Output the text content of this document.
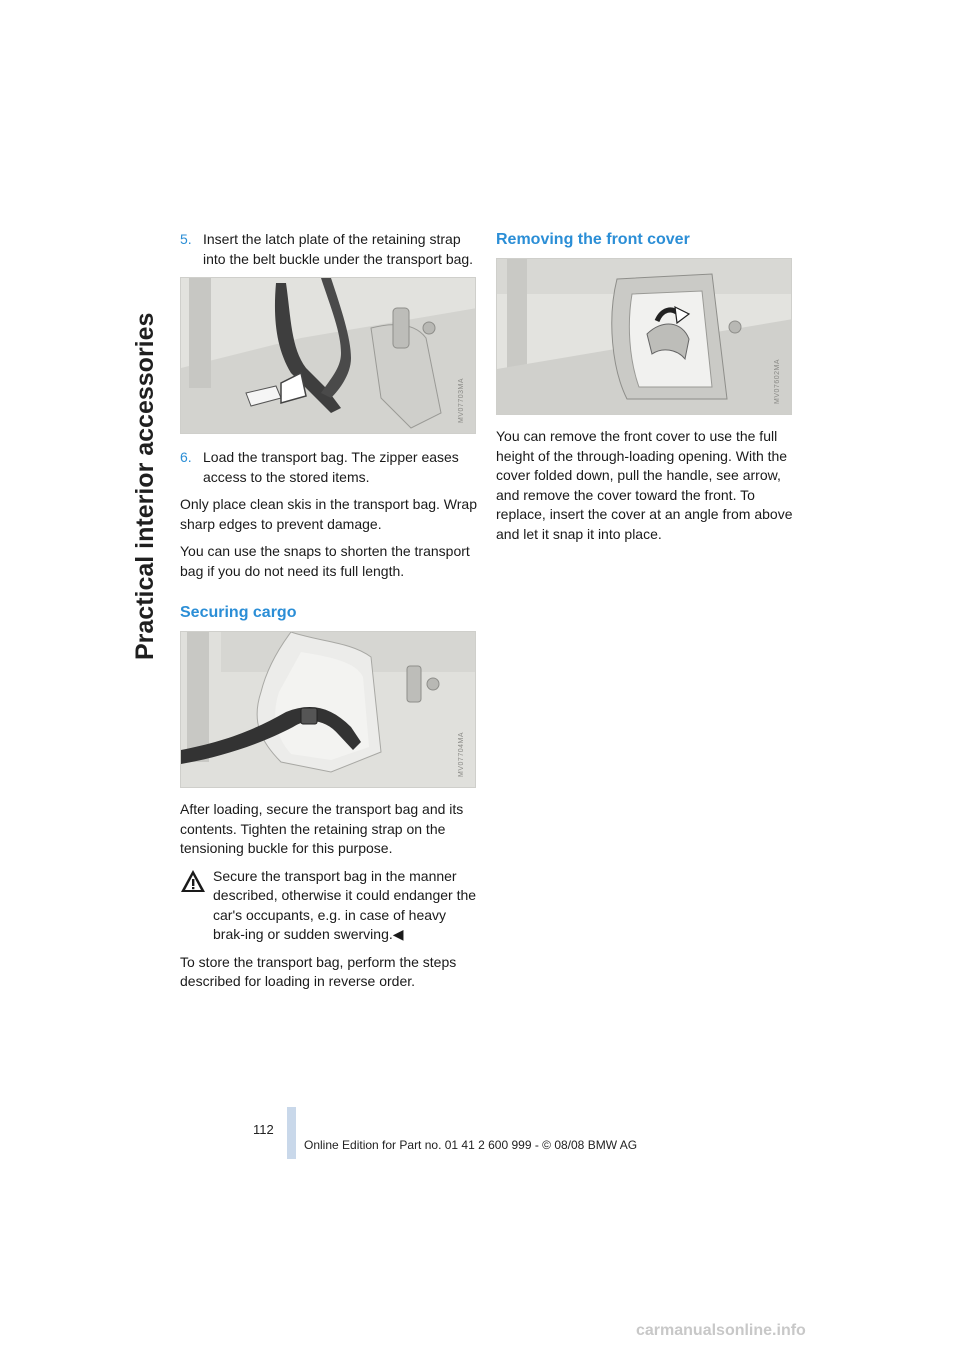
Practical interior accessories
5. Insert the latch plate of the retaining strap into the belt buckle under the transport bag.
MV07703MA
6. Load the transport bag. The zipper eases access to the stored items.

Only place clean skis in the transport bag. Wrap sharp edges to prevent damage.

You can use the snaps to shorten the transport bag if you do not need its full length.

Securing cargo
MV07704MA

After loading, secure the transport bag and its contents. Tighten the retaining strap on the tensioning buckle for this purpose.

Secure the transport bag in the manner described, otherwise it could endanger the car's occupants, e.g. in case of heavy brak-ing or sudden swerving.◀

To store the transport bag, perform the steps described for loading in reverse order.

Removing the front cover
MV07602MA

You can remove the front cover to use the full height of the through-loading opening. With the cover folded down, pull the handle, see arrow, and remove the cover toward the front. To replace, insert the cover at an angle from above and let it snap it into place.

112
Online Edition for Part no. 01 41 2 600 999 - © 08/08 BMW AG
carmanualsonline.info
